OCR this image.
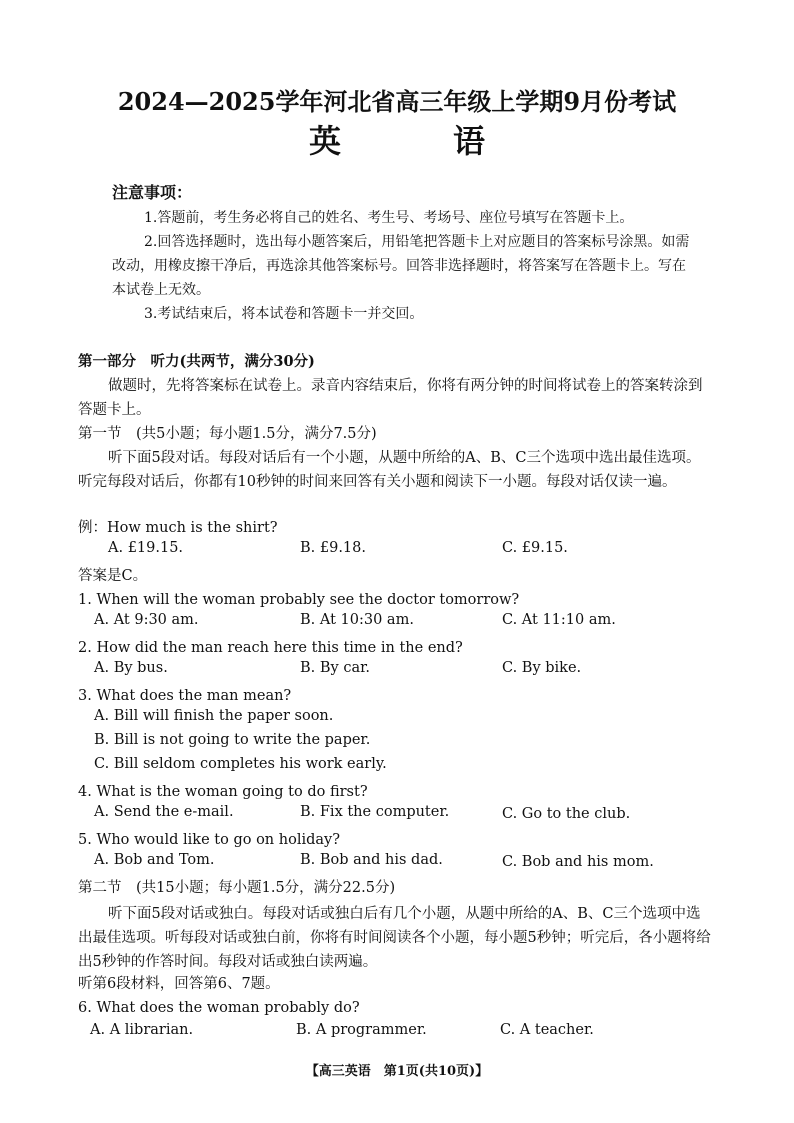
2024—2025学年河北省高三年级上学期9月份考试
英　语
注意事项：
1.答题前，考生务必将自己的姓名、考生号、考场号、座位号填写在答题卡上。
2.回答选择题时，选出每小题答案后，用铅笔把答题卡上对应题目的答案标号涂黑。如需改动，用橡皮擦干净后，再选涂其他答案标号。回答非选择题时，将答案写在答题卡上。写在本试卷上无效。
3.考试结束后，将本试卷和答题卡一并交回。
第一部分　听力(共两节，满分30分)
做题时，先将答案标在试卷上。录音内容结束后，你将有两分钟的时间将试卷上的答案转涂到答题卡上。
第一节　(共5小题；每小题1.5分，满分7.5分)
听下面5段对话。每段对话后有一个小题，从题中所给的A、B、C三个选项中选出最佳选项。听完每段对话后，你都有10秒钟的时间来回答有关小题和阅读下一小题。每段对话仅读一遍。
例：How much is the shirt?
A. £19.15.	B. £9.18.	C. £9.15.
答案是C。
1. When will the woman probably see the doctor tomorrow?
A. At 9:30 am.	B. At 10:30 am.	C. At 11:10 am.
2. How did the man reach here this time in the end?
A. By bus.	B. By car.	C. By bike.
3. What does the man mean?
A. Bill will finish the paper soon.
B. Bill is not going to write the paper.
C. Bill seldom completes his work early.
4. What is the woman going to do first?
A. Send the e-mail.	B. Fix the computer.	C. Go to the club.
5. Who would like to go on holiday?
A. Bob and Tom.	B. Bob and his dad.	C. Bob and his mom.
第二节　(共15小题；每小题1.5分，满分22.5分)
听下面5段对话或独白。每段对话或独白后有几个小题，从题中所给的A、B、C三个选项中选出最佳选项。听每段对话或独白前，你将有时间阅读各个小题，每小题5秒钟；听完后，各小题将给出5秒钟的作答时间。每段对话或独白读两遍。
听第6段材料，回答第6、7题。
6. What does the woman probably do?
A. A librarian.	B. A programmer.	C. A teacher.
【高三英语　第1页(共10页)】
